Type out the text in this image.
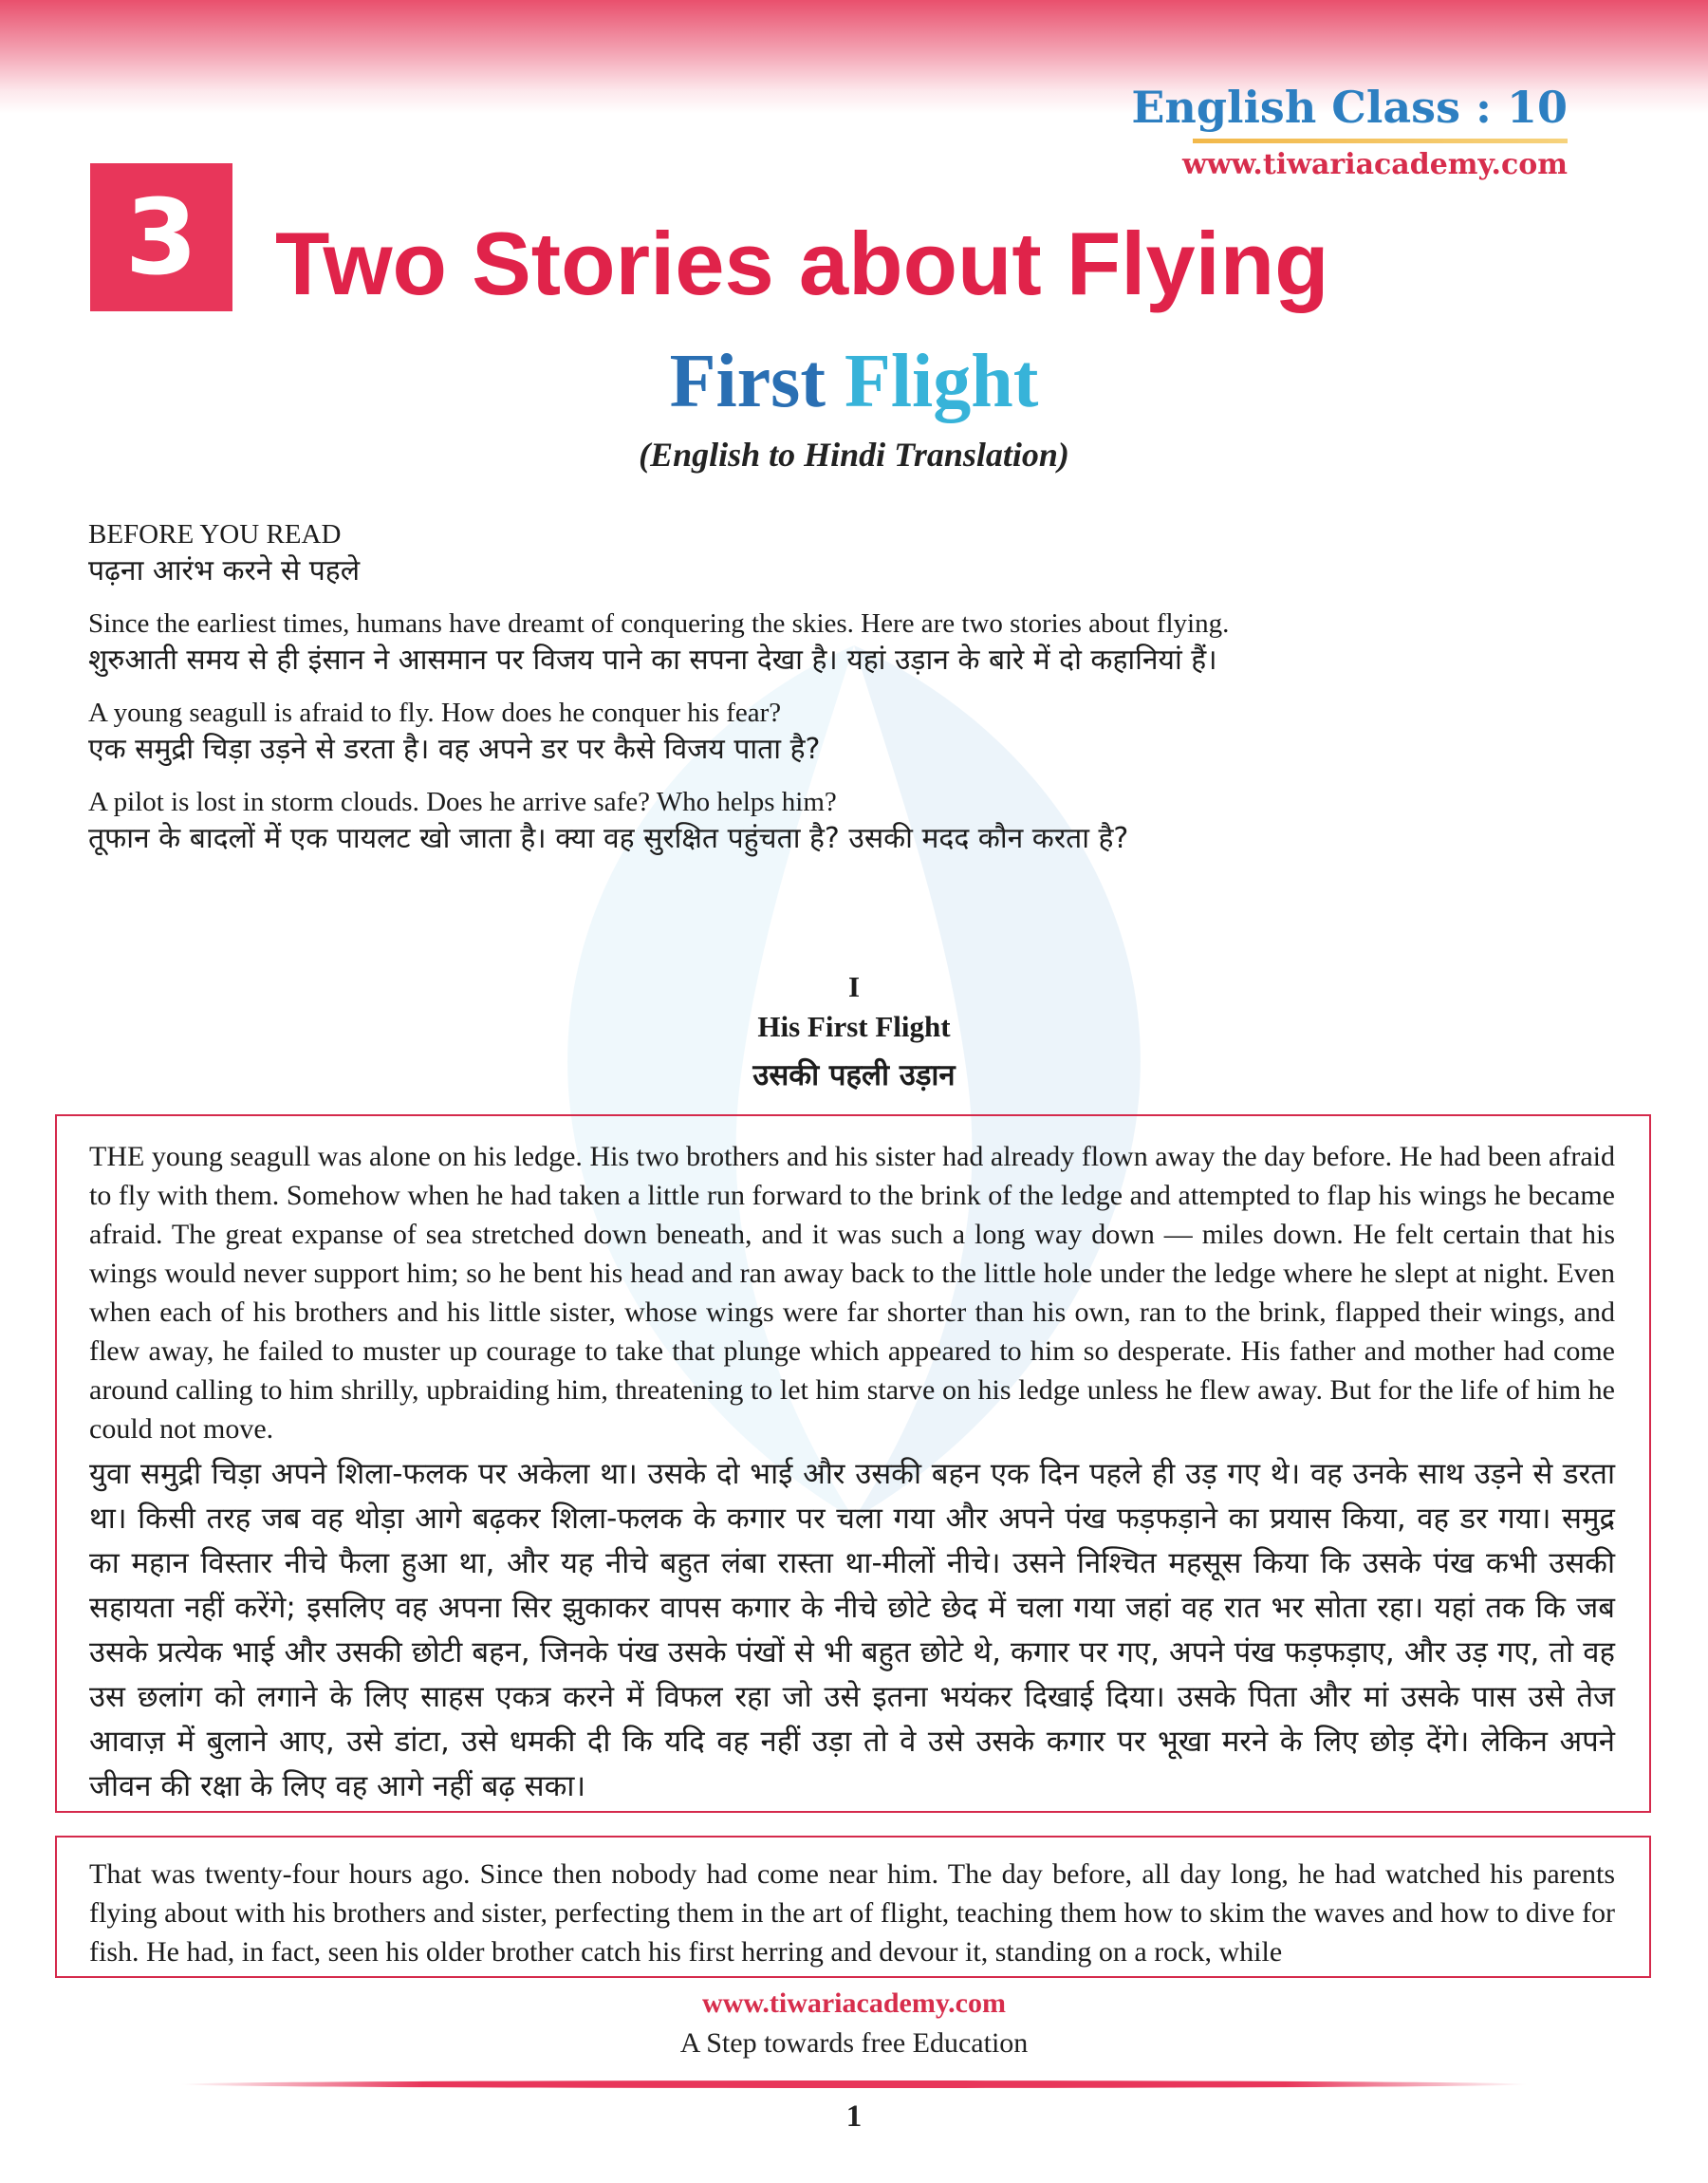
English Class : 10
www.tiwariacademy.com
3 Two Stories about Flying
First Flight
(English to Hindi Translation)
BEFORE YOU READ
पढ़ना आरंभ करने से पहले
Since the earliest times, humans have dreamt of conquering the skies. Here are two stories about flying.
शुरुआती समय से ही इंसान ने आसमान पर विजय पाने का सपना देखा है। यहां उड़ान के बारे में दो कहानियां हैं।
A young seagull is afraid to fly. How does he conquer his fear?
एक समुद्री चिड़ा उड़ने से डरता है। वह अपने डर पर कैसे विजय पाता है?
A pilot is lost in storm clouds. Does he arrive safe? Who helps him?
तूफान के बादलों में एक पायलट खो जाता है। क्या वह सुरक्षित पहुंचता है? उसकी मदद कौन करता है?
I
His First Flight
उसकी पहली उड़ान
THE young seagull was alone on his ledge. His two brothers and his sister had already flown away the day before. He had been afraid to fly with them. Somehow when he had taken a little run forward to the brink of the ledge and attempted to flap his wings he became afraid. The great expanse of sea stretched down beneath, and it was such a long way down — miles down. He felt certain that his wings would never support him; so he bent his head and ran away back to the little hole under the ledge where he slept at night. Even when each of his brothers and his little sister, whose wings were far shorter than his own, ran to the brink, flapped their wings, and flew away, he failed to muster up courage to take that plunge which appeared to him so desperate. His father and mother had come around calling to him shrilly, upbraiding him, threatening to let him starve on his ledge unless he flew away. But for the life of him he could not move.
युवा समुद्री चिड़ा अपने शिला-फलक पर अकेला था। उसके दो भाई और उसकी बहन एक दिन पहले ही उड़ गए थे। वह उनके साथ उड़ने से डरता था। किसी तरह जब वह थोड़ा आगे बढ़कर शिला-फलक के कगार पर चला गया और अपने पंख फड़फड़ाने का प्रयास किया, वह डर गया। समुद्र का महान विस्तार नीचे फैला हुआ था, और यह नीचे बहुत लंबा रास्ता था-मीलों नीचे। उसने निश्चित महसूस किया कि उसके पंख कभी उसकी सहायता नहीं करेंगे; इसलिए वह अपना सिर झुकाकर वापस कगार के नीचे छोटे छेद में चला गया जहां वह रात भर सोता रहा। यहां तक कि जब उसके प्रत्येक भाई और उसकी छोटी बहन, जिनके पंख उसके पंखों से भी बहुत छोटे थे, कगार पर गए, अपने पंख फड़फड़ाए, और उड़ गए, तो वह उस छलांग को लगाने के लिए साहस एकत्र करने में विफल रहा जो उसे इतना भयंकर दिखाई दिया। उसके पिता और मां उसके पास उसे तेज आवाज़ में बुलाने आए, उसे डांटा, उसे धमकी दी कि यदि वह नहीं उड़ा तो वे उसे उसके कगार पर भूखा मरने के लिए छोड़ देंगे। लेकिन अपने जीवन की रक्षा के लिए वह आगे नहीं बढ़ सका।
That was twenty-four hours ago. Since then nobody had come near him. The day before, all day long, he had watched his parents flying about with his brothers and sister, perfecting them in the art of flight, teaching them how to skim the waves and how to dive for fish. He had, in fact, seen his older brother catch his first herring and devour it, standing on a rock, while
www.tiwariacademy.com
A Step towards free Education
1
